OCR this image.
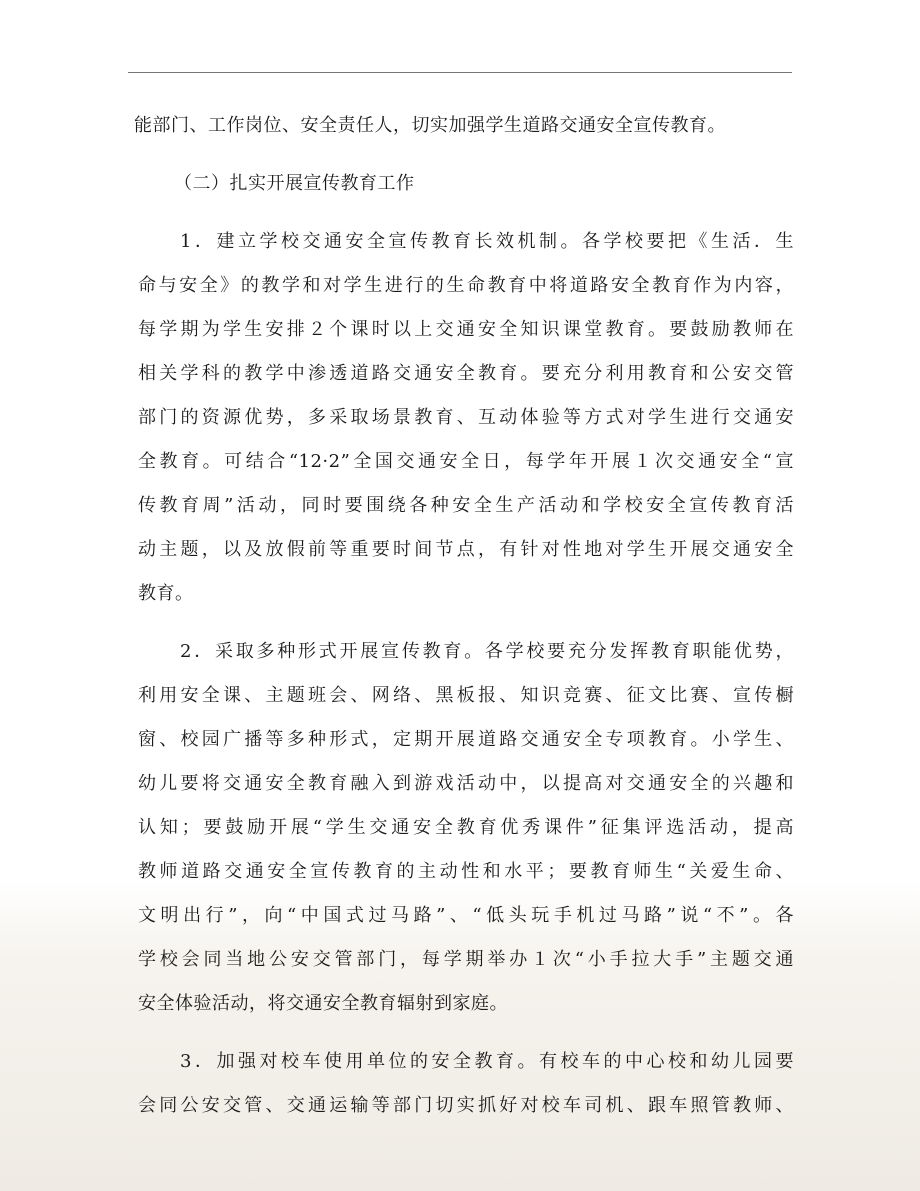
能部门、工作岗位、安全责任人，切实加强学生道路交通安全宣传教育。
（二）扎实开展宣传教育工作
1．建立学校交通安全宣传教育长效机制。各学校要把《生活．生
命与安全》的教学和对学生进行的生命教育中将道路安全教育作为内容，
每学期为学生安排２个课时以上交通安全知识课堂教育。要鼓励教师在
相关学科的教学中渗透道路交通安全教育。要充分利用教育和公安交管
部门的资源优势，多采取场景教育、互动体验等方式对学生进行交通安
全教育。可结合“12·2”全国交通安全日，每学年开展１次交通安全“宣
传教育周”活动，同时要围绕各种安全生产活动和学校安全宣传教育活
动主题，以及放假前等重要时间节点，有针对性地对学生开展交通安全
教育。
2．采取多种形式开展宣传教育。各学校要充分发挥教育职能优势，
利用安全课、主题班会、网络、黑板报、知识竞赛、征文比赛、宣传橱
窗、校园广播等多种形式，定期开展道路交通安全专项教育。小学生、
幼儿要将交通安全教育融入到游戏活动中，以提高对交通安全的兴趣和
认知；要鼓励开展“学生交通安全教育优秀课件”征集评选活动，提高
教师道路交通安全宣传教育的主动性和水平；要教育师生“关爱生命、
文明出行”，向“中国式过马路”、“低头玩手机过马路”说“不”。各
学校会同当地公安交管部门，每学期举办１次“小手拉大手”主题交通
安全体验活动，将交通安全教育辐射到家庭。
3．加强对校车使用单位的安全教育。有校车的中心校和幼儿园要
会同公安交管、交通运输等部门切实抓好对校车司机、跟车照管教师、
